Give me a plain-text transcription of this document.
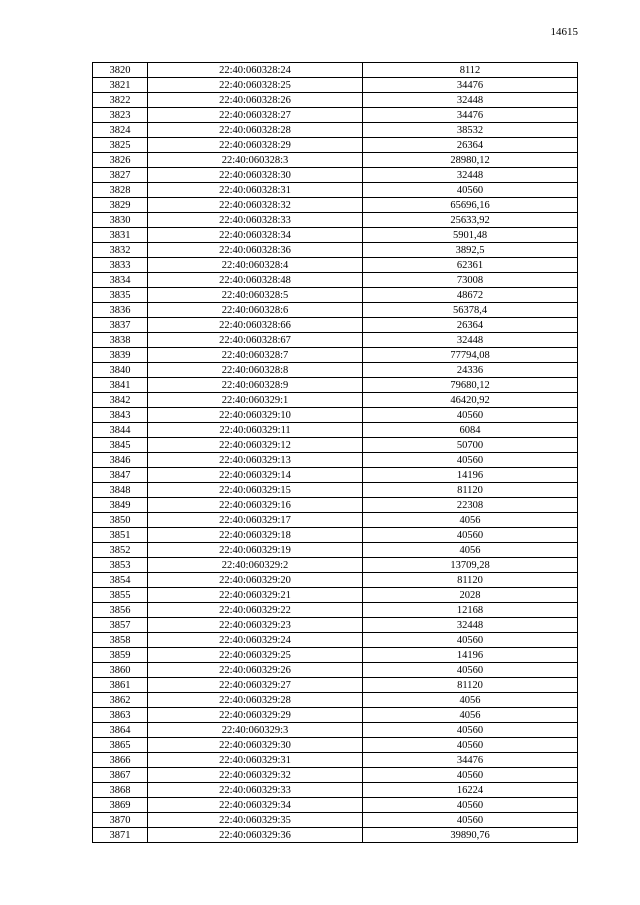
14615
3820	22:40:060328:24	8112
3821	22:40:060328:25	34476
3822	22:40:060328:26	32448
3823	22:40:060328:27	34476
3824	22:40:060328:28	38532
3825	22:40:060328:29	26364
3826	22:40:060328:3	28980,12
3827	22:40:060328:30	32448
3828	22:40:060328:31	40560
3829	22:40:060328:32	65696,16
3830	22:40:060328:33	25633,92
3831	22:40:060328:34	5901,48
3832	22:40:060328:36	3892,5
3833	22:40:060328:4	62361
3834	22:40:060328:48	73008
3835	22:40:060328:5	48672
3836	22:40:060328:6	56378,4
3837	22:40:060328:66	26364
3838	22:40:060328:67	32448
3839	22:40:060328:7	77794,08
3840	22:40:060328:8	24336
3841	22:40:060328:9	79680,12
3842	22:40:060329:1	46420,92
3843	22:40:060329:10	40560
3844	22:40:060329:11	6084
3845	22:40:060329:12	50700
3846	22:40:060329:13	40560
3847	22:40:060329:14	14196
3848	22:40:060329:15	81120
3849	22:40:060329:16	22308
3850	22:40:060329:17	4056
3851	22:40:060329:18	40560
3852	22:40:060329:19	4056
3853	22:40:060329:2	13709,28
3854	22:40:060329:20	81120
3855	22:40:060329:21	2028
3856	22:40:060329:22	12168
3857	22:40:060329:23	32448
3858	22:40:060329:24	40560
3859	22:40:060329:25	14196
3860	22:40:060329:26	40560
3861	22:40:060329:27	81120
3862	22:40:060329:28	4056
3863	22:40:060329:29	4056
3864	22:40:060329:3	40560
3865	22:40:060329:30	40560
3866	22:40:060329:31	34476
3867	22:40:060329:32	40560
3868	22:40:060329:33	16224
3869	22:40:060329:34	40560
3870	22:40:060329:35	40560
3871	22:40:060329:36	39890,76
